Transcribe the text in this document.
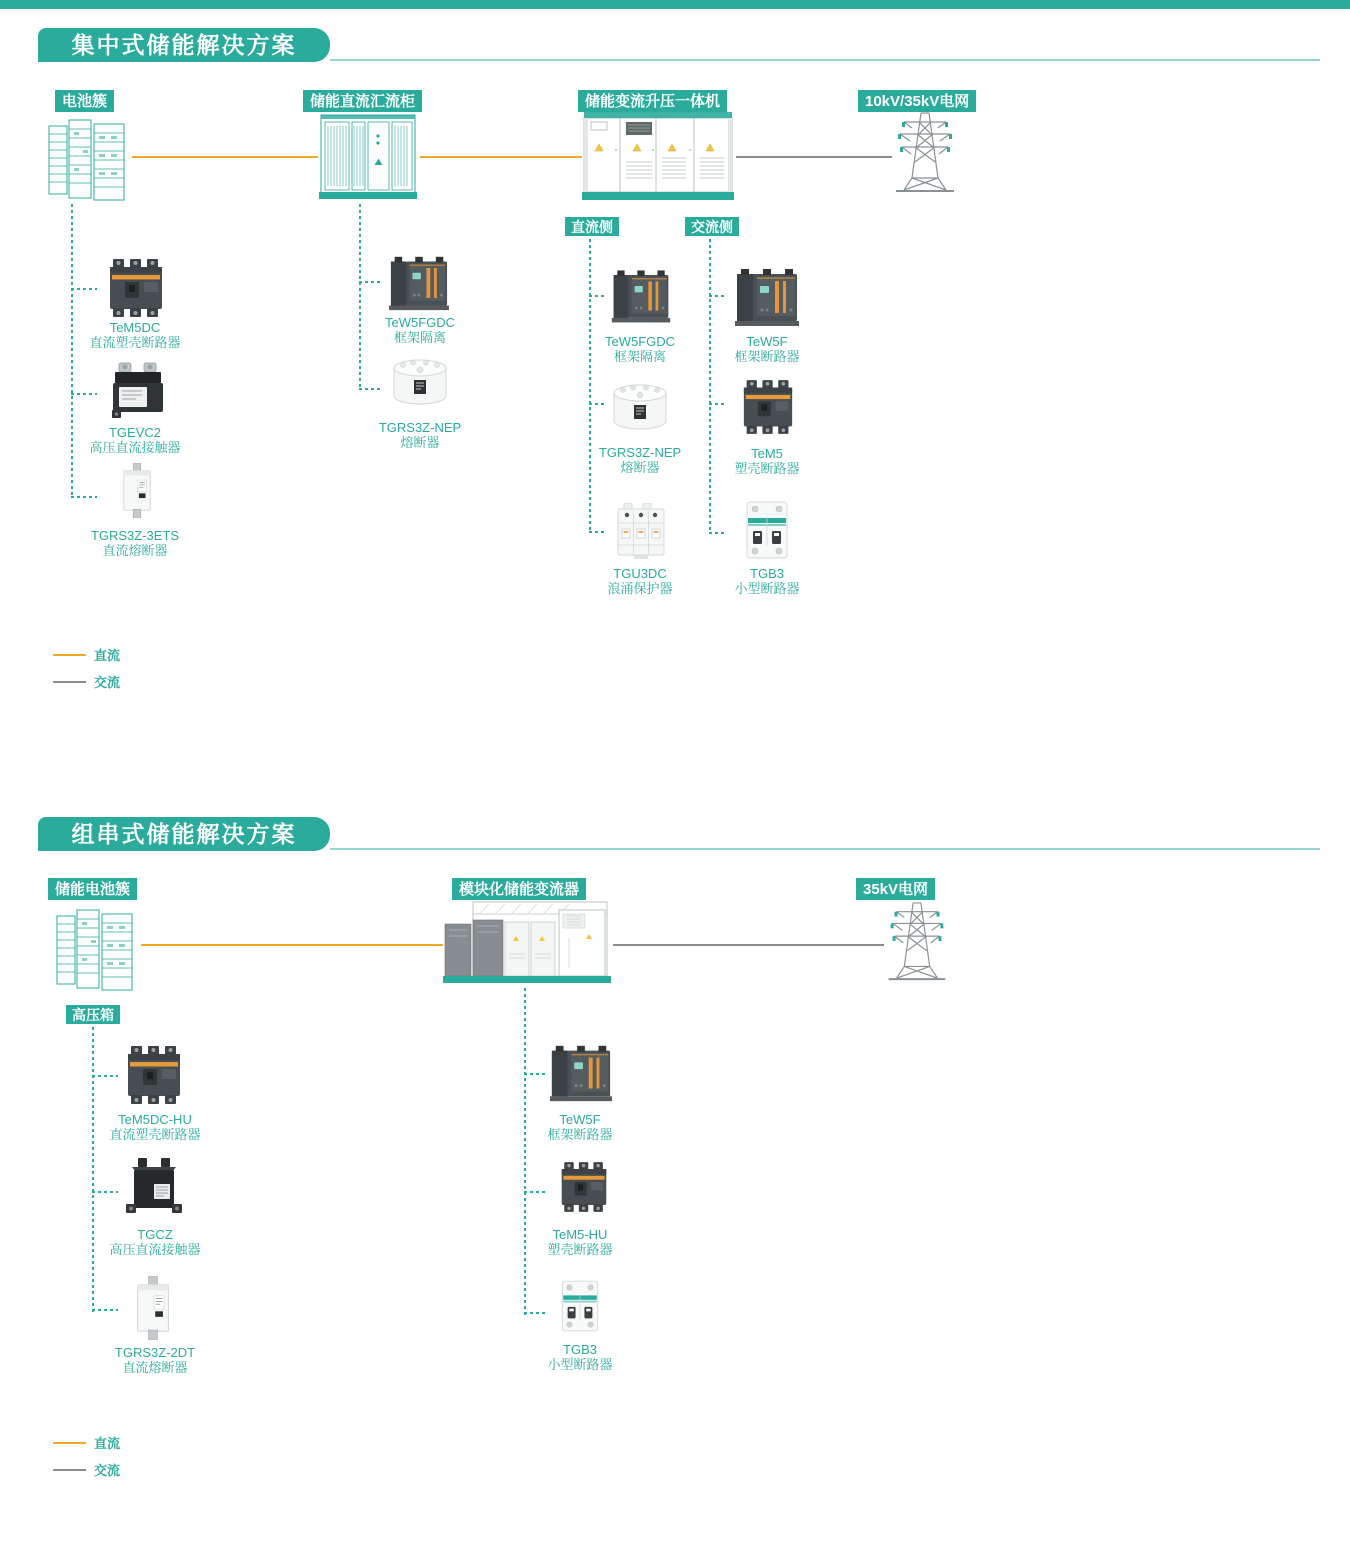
集中式储能解决方案
电池簇	储能直流汇流柜	储能变流升压一体机	10kV/35kV电网
直流侧	交流侧
TeM5DC
直流塑壳断路器
TGEVC2
高压直流接触器
TGRS3Z-3ETS
直流熔断器
TeW5FGDC
框架隔离
TGRS3Z-NEP
熔断器
TeW5FGDC
框架隔离
TGRS3Z-NEP
熔断器
TGU3DC
浪涌保护器
TeW5F
框架断路器
TeM5
塑壳断路器
TGB3
小型断路器
直流
交流
组串式储能解决方案
储能电池簇	模块化储能变流器	35kV电网
高压箱
TeM5DC-HU
直流塑壳断路器
TGCZ
高压直流接触器
TGRS3Z-2DT
直流熔断器
TeW5F
框架断路器
TeM5-HU
塑壳断路器
TGB3
小型断路器
直流
交流
